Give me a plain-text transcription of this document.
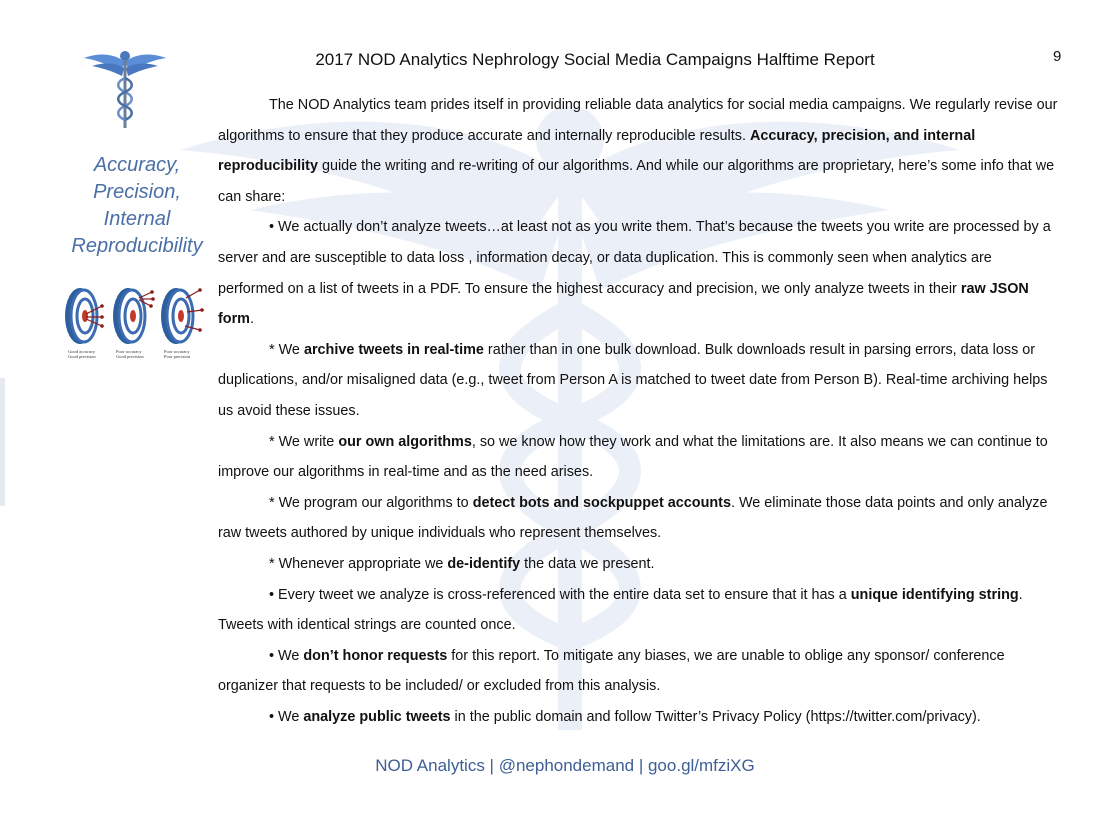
Accuracy,
Precision,
Internal
Reproducibility
Good accuracy
Good precision
Poor accuracy
Good precision
Poor accuracy
Poor precision
2017 NOD Analytics Nephrology Social Media Campaigns Halftime Report	9

The NOD Analytics team prides itself in providing reliable data analytics for social media campaigns. We regularly revise our algorithms to ensure that they produce accurate and internally reproducible results. Accuracy, precision, and internal reproducibility guide the writing and re-writing of our algorithms. And while our algorithms are proprietary, here’s some info that we can share:

• We actually don’t analyze tweets…at least not as you write them. That’s because the tweets you write are processed by a server and are susceptible to data loss , information decay, or data duplication. This is commonly seen when analytics are performed on a list of tweets in a PDF. To ensure the highest accuracy and precision, we only analyze tweets in their raw JSON form.

* We archive tweets in real-time rather than in one bulk download. Bulk downloads result in parsing errors, data loss or duplications, and/or misaligned data (e.g., tweet from Person A is matched to tweet date from Person B). Real-time archiving helps us avoid these issues.

* We write our own algorithms, so we know how they work and what the limitations are. It also means we can continue to improve our algorithms in real-time and as the need arises.

* We program our algorithms to detect bots and sockpuppet accounts. We eliminate those data points and only analyze raw tweets authored by unique individuals who represent themselves.

* Whenever appropriate we de-identify the data we present.

• Every tweet we analyze is cross-referenced with the entire data set to ensure that it has a unique identifying string. Tweets with identical strings are counted once.

• We don’t honor requests for this report. To mitigate any biases, we are unable to oblige any sponsor/ conference organizer that requests to be included/ or excluded from this analysis.

• We analyze public tweets in the public domain and follow Twitter’s Privacy Policy (https://twitter.com/privacy).

NOD Analytics | @nephondemand | goo.gl/mfziXG
